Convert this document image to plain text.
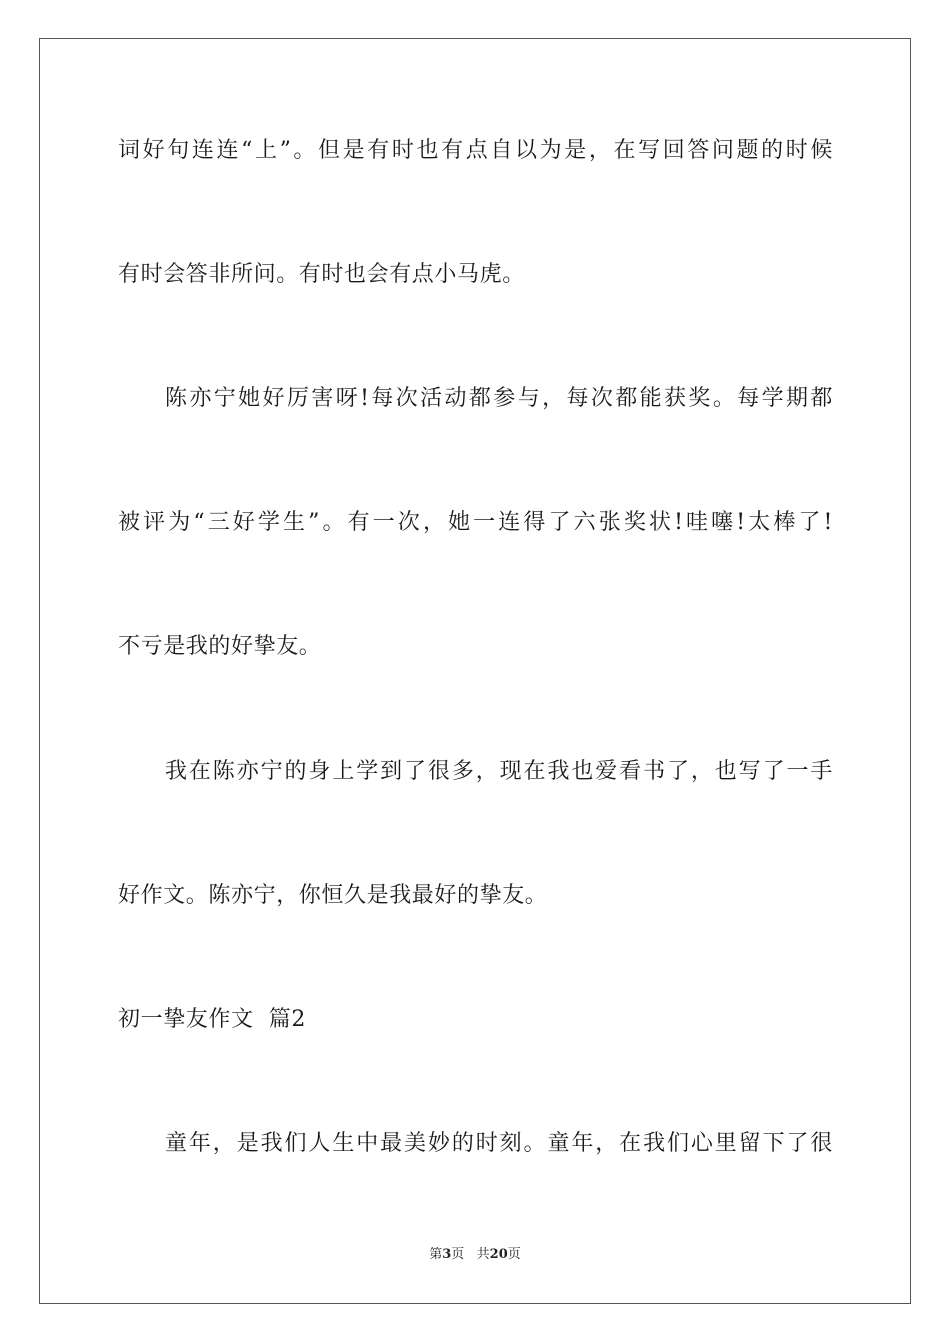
词好句连连“上”。但是有时也有点自以为是，在写回答问题的时候
有时会答非所问。有时也会有点小马虎。
陈亦宁她好厉害呀!每次活动都参与，每次都能获奖。每学期都
被评为“三好学生”。有一次，她一连得了六张奖状!哇噻!太棒了!
不亏是我的好挚友。
我在陈亦宁的身上学到了很多，现在我也爱看书了，也写了一手
好作文。陈亦宁，你恒久是我最好的挚友。
初一挚友作文  篇2
童年，是我们人生中最美妙的时刻。童年，在我们心里留下了很
第3页   共20页
